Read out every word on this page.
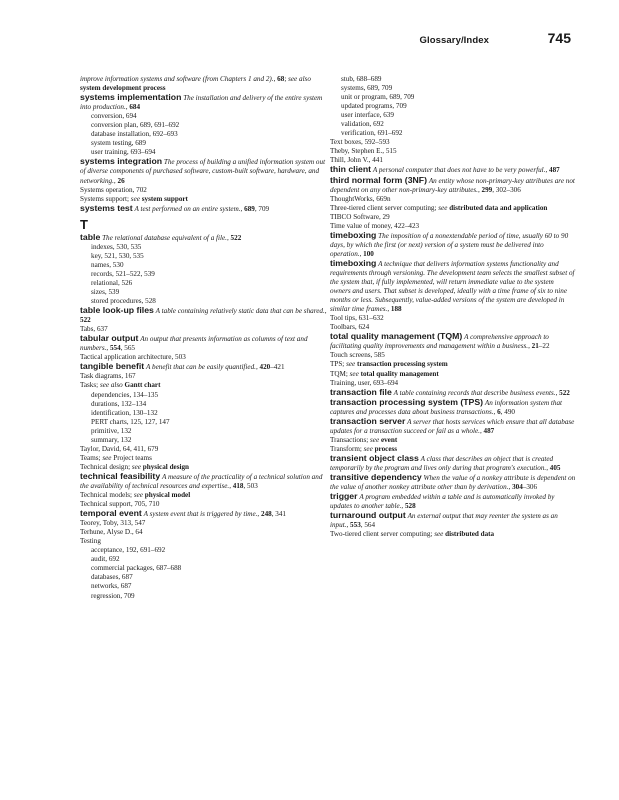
Glossary/Index	745
improve information systems and software (from Chapters 1 and 2)., 68; see also system development process
systems implementation The installation and delivery of the entire system into production., 684
conversion, 694
conversion plan, 689, 691–692
database installation, 692–693
system testing, 689
user training, 693–694
systems integration The process of building a unified information system out of diverse components of purchased software, custom-built software, hardware, and networking., 26
Systems operation, 702
Systems support; see system support
systems test A test performed on an entire system., 689, 709
T
table The relational database equivalent of a file., 522
indexes, 530, 535
key, 521, 530, 535
names, 530
records, 521–522, 539
relational, 526
sizes, 539
stored procedures, 528
table look-up files A table containing relatively static data that can be shared., 522
Tabs, 637
tabular output An output that presents information as columns of text and numbers., 554, 565
Tactical application architecture, 503
tangible benefit A benefit that can be easily quantified., 420–421
Task diagrams, 167
Tasks; see also Gantt chart
dependencies, 134–135
durations, 132–134
identification, 130–132
PERT charts, 125, 127, 147
primitive, 132
summary, 132
Taylor, David, 64, 411, 679
Teams; see Project teams
Technical design; see physical design
technical feasibility A measure of the practicality of a technical solution and the availability of technical resources and expertise., 418, 503
Technical models; see physical model
Technical support, 705, 710
temporal event A system event that is triggered by time., 248, 341
Teorey, Toby, 313, 547
Terhune, Alyse D., 64
Testing
acceptance, 192, 691–692
audit, 692
commercial packages, 687–688
databases, 687
networks, 687
regression, 709
stub, 688–689
systems, 689, 709
unit or program, 689, 709
updated programs, 709
user interface, 639
validation, 692
verification, 691–692
Text boxes, 592–593
Theby, Stephen E., 515
Thill, John V., 441
thin client A personal computer that does not have to be very powerful., 487
third normal form (3NF) An entity whose non-primary-key attributes are not dependent on any other non-primary-key attributes., 299, 302–306
ThoughtWorks, 669n
Three-tiered client server computing; see distributed data and application
TIBCO Software, 29
Time value of money, 422–423
timeboxing The imposition of a nonextendable period of time, usually 60 to 90 days, by which the first (or next) version of a system must be delivered into operation., 100
timeboxing A technique that delivers information systems functionality and requirements through versioning. The development team selects the smallest subset of the system that, if fully implemented, will return immediate value to the system owners and users. That subset is developed, ideally with a time frame of six to nine months or less. Subsequently, value-added versions of the system are developed in similar time frames., 188
Tool tips, 631–632
Toolbars, 624
total quality management (TQM) A comprehensive approach to facilitating quality improvements and management within a business., 21–22
Touch screens, 585
TPS; see transaction processing system
TQM; see total quality management
Training, user, 693–694
transaction file A table containing records that describe business events., 522
transaction processing system (TPS) An information system that captures and processes data about business transactions., 6, 490
transaction server A server that hosts services which ensure that all database updates for a transaction succeed or fail as a whole., 487
Transactions; see event
Transform; see process
transient object class A class that describes an object that is created temporarily by the program and lives only during that program's execution., 405
transitive dependency When the value of a nonkey attribute is dependent on the value of another nonkey attribute other than by derivation., 304–306
trigger A program embedded within a table and is automatically invoked by updates to another table., 528
turnaround output An external output that may reenter the system as an input., 553, 564
Two-tiered client server computing; see distributed data
